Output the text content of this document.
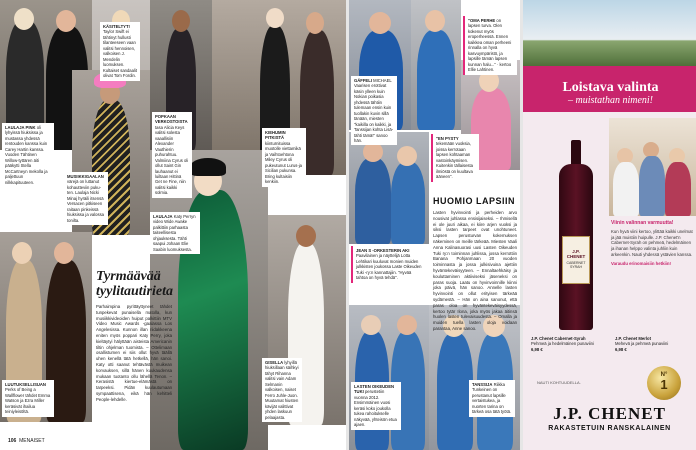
KÄSITELTYT! Taylor Swift ei tähtinyt hullusti tilanteeseen vaan valitsi hennoisen, valkoisen J. Mendelin luomuksen. Kultaiset sandaalit olivat Tom Fordin.
LAULAJA PINK oli lyhyissä hiuksissa ja mustassa yhdessä rentouden kanssa kuin Carey Hartin kanssa. Vuoden Tähtinen Willow-tyttären äiti pääkytti Stella McCartneyn mekolla ja paljettuun nilkkapituuteen.
POPKAAN VERKOSTOISTA tasa Alicia Keys valitsi solesta vaaallisiin Alexander Vauthierin puhurahtuu. Valmiina Cyrus oli ollut Saint Gin lauhaanut ei luiltaan Hittinä Get ne Fine, niin valitsi kaikki solmia.
MUSIIKKIGAALAN värejä on luttanut kohautteviin puku- ten. Laulaja Nicki Minaj hyräili itsensä Versacen pitkiseen raitaan pinkeissä hiuksissa ja valossa tonilta.
LAULAJA Katy Perryn video Wide Awake palkittiin parhaasta taiteellisesta ohjauksesta. Tähti saapui Johaan Elie Saabin luomuksesta.
KIEHUMIN PITKISTÄ kiinturnituissa muotolle viettamikä ja Vaihtoehtona Miley Cyrus oli pukeutunut Lurus-ja Sicilian pukunsa. Bring kultaisiin kenkiin.
LUUTUKSELLISUAN Perks of Being a Wallflower tähdet Emma Watson ja Ezra Miller keräsivät ihailua teiniyleisöltä.
GISELLA lyhyillä hiuksillaan säihkyi tähyt Rihanna valitsi vain Adam Selmanin valkoisen, naiset Ferro Juhle-Juon. Muutamat hiusten kävijät valittivat yhden laskuun pelaajasta.
Tyrmäävää tyylitautirieta
Parhaimpina pyrittäyttyneet tähdet tunpekevat punaisella matolla, kun musiikkivideoiden huiput palkittiin MTV Video Music Awards -gaalassa Los Angelesissa. Kunnon illan riidakkeena eniten myös poppari Katy Perry, joka kieltäytyi hälyttään aisteista Americanin tiltin ohjelman tuomista. – Ottelimaan osallistumen ei siis ollut hyvä täällä uhen kenellä tätä hetkellä, hän sanoi. Katy otti saanut tehtävästä muikean korvauksen, sillä hänen kuukaudensa mukaan tuotanto ollu lähellä Tenon. – Kerasistä kiertue-elämästä on tarpeeksi. Pidän kuulautumaan sympaattisena, eikä hän kehitteli People-lehdelle.
106 MENAISET
GÄFFELI MICHAEL Vaarisen erottivat käsin ylleen kuin Nokian poikasia yhdessä tähtiin tulemaan ensin kuin tuollakin kuvin sillä tänään, miesten "kaikilla on kaikki, ja Tanssijan kohta Lisä-tähti tämä!" sanoo hän.
"OMA PERHE on lapsen turva. Olen kokenut myös eroperheessä. Ennen kaikkea oman perheeni rinnalla on hyvä kasvuympäristö, ja lapsille tämän lapsen kunnan halu..." · kertoo Ellie Lahtinen.
"EN PYSTY tekemään vuoksia, joissa kerrotaan lapsen kohtaaman vastoinkäymisen. Kuitenkin tällaisesta ilmiöstä on kuultava ääneen".
JEAN S -ORKESTERIN AKI Paavilainen ja näyttelijä Lotta Lehtikari kuuluvat monien muiden julkkisten joukossa Laste Oikeuden Tuki -ry:n kannattajiin. "Hyvää tahtoa on hyvä tehdä".
LASTEN OIKEUDEN TUKI perustetiin vuonna 2012. Ensimmäinen vuosi keräsi koko joukolla tukea rahoitukselle näkyvää, yhteisön etua ajaen.
TANSSIJA Riikka Tunkeinen on perustanut lapsille vertaistukea, ja nuorten tarina on tärkeä osa tätä työtä.
HUOMIO LAPSIIN
Lasten hyvinvointi ja perheiden arvo nousivat juhlassa ensisijaiseksi. – Ihmisellä ei ole juuri aikaa, ei kiire arjen vuoksi ja siksi lasten tarpeet ovat unohtuneet. Lapsen perusturvan kokemuksen näkeminen on meille tärkeää. Miesten Vaali Anna Kalinasuorasi uusi Lasten Oikeuden Tuki ry:n toiminnan juhlissa, jossa kerrottiin Banana Pohjanmaan 20 vuoden toiminnasta ja jossa julkisivuina ajettiin hyväntekeväisyyteen. – Ennaltaehkäisy ja kouluttaminen aktiiviseksi jäseneksi on paras suoja. Laatu on hyvinvoinnille kiinni joka päivä, hän sanoo. Annelle lasten hyvinvointi on ollut erityisen tärkeää sydämestä. – Hän on aina sanonut, että paras oloa on hyväntekeväisyydessä, kertoo tytär Ilona, joka myös jakaa äitinsä huolen lasten tulevaisuudesta. – Omalla ja muiden tuella lasten oloja voidaan parantaa, Anne sanoo.
Loistava valinta
– muistathan nimeni!
J.P. CHENET
CABERNET SYRAH
Viinin valinnan varmuutta!
Kun hyvä viini kertoo, ylittää kaikki unelmat ja jää muistiin huipulle. J.P. Chenet'n Cabernet-Syrah on pehmeä, hedelmäinen ja ihanan helppo valinta juhliin kuin arkeenkin. Nauti yhdessä ystävien kanssa.
Varaudu erinomaisiin hetkiin!
J.P. Chenet Cabernet-Syrah
Pehmeä ja hedelmäinen punaviini
6,98 €
J.P. Chenet Merlot
Mehevä ja pehmeä punaviini
6,98 €
NAUTI KOHTUUDELLA.
N°
1
J.P. CHENET
RAKASTETUIN RANSKALAINEN
